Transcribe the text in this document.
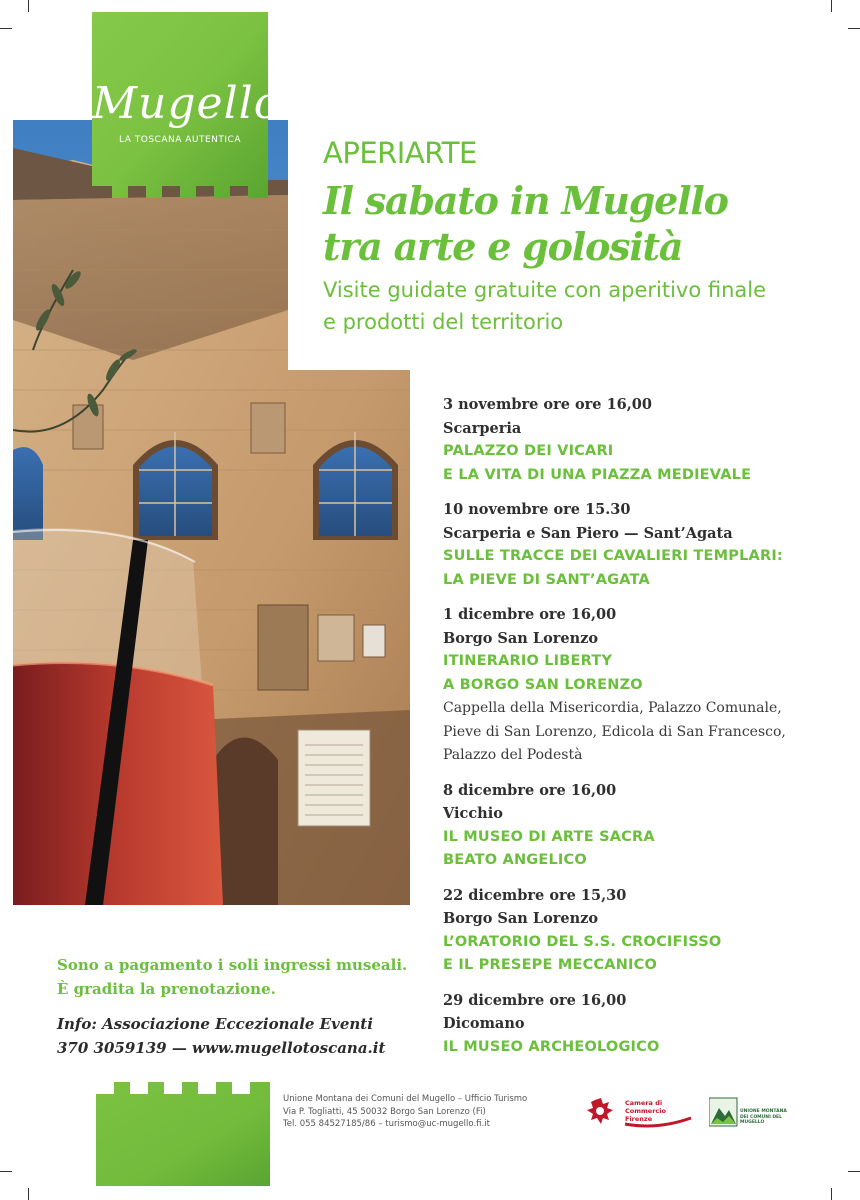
Mugello
LA TOSCANA AUTENTICA	APERIARTE
Il sabato in Mugello
tra arte e golosità
Visite guidate gratuite con aperitivo finale
e prodotti del territorio
3 novembre ore ore 16,00
Scarperia
PALAZZO DEI VICARI
E LA VITA DI UNA PIAZZA MEDIEVALE
10 novembre ore 15.30
Scarperia e San Piero — Sant’Agata
SULLE TRACCE DEI CAVALIERI TEMPLARI:
LA PIEVE DI SANT’AGATA
1 dicembre ore 16,00
Borgo San Lorenzo
ITINERARIO LIBERTY
A BORGO SAN LORENZO
Cappella della Misericordia, Palazzo Comunale,
Pieve di San Lorenzo, Edicola di San Francesco,
Palazzo del Podestà
8 dicembre ore 16,00
Vicchio
IL MUSEO DI ARTE SACRA
BEATO ANGELICO
22 dicembre ore 15,30
Borgo San Lorenzo
L’ORATORIO DEL S.S. CROCIFISSO
E IL PRESEPE MECCANICO
29 dicembre ore 16,00
Dicomano
IL MUSEO ARCHEOLOGICO
Sono a pagamento i soli ingressi museali.
È gradita la prenotazione.
Info: Associazione Eccezionale Eventi
370 3059139 — www.mugellotoscana.it
Unione Montana dei Comuni del Mugello – Ufficio Turismo
Via P. Togliatti, 45 50032 Borgo San Lorenzo (Fi)
Tel. 055 84527185/86 – turismo@uc-mugello.fi.it
Camera di Commercio
Firenze
UNIONE MONTANA DEI COMUNI DEL MUGELLO
